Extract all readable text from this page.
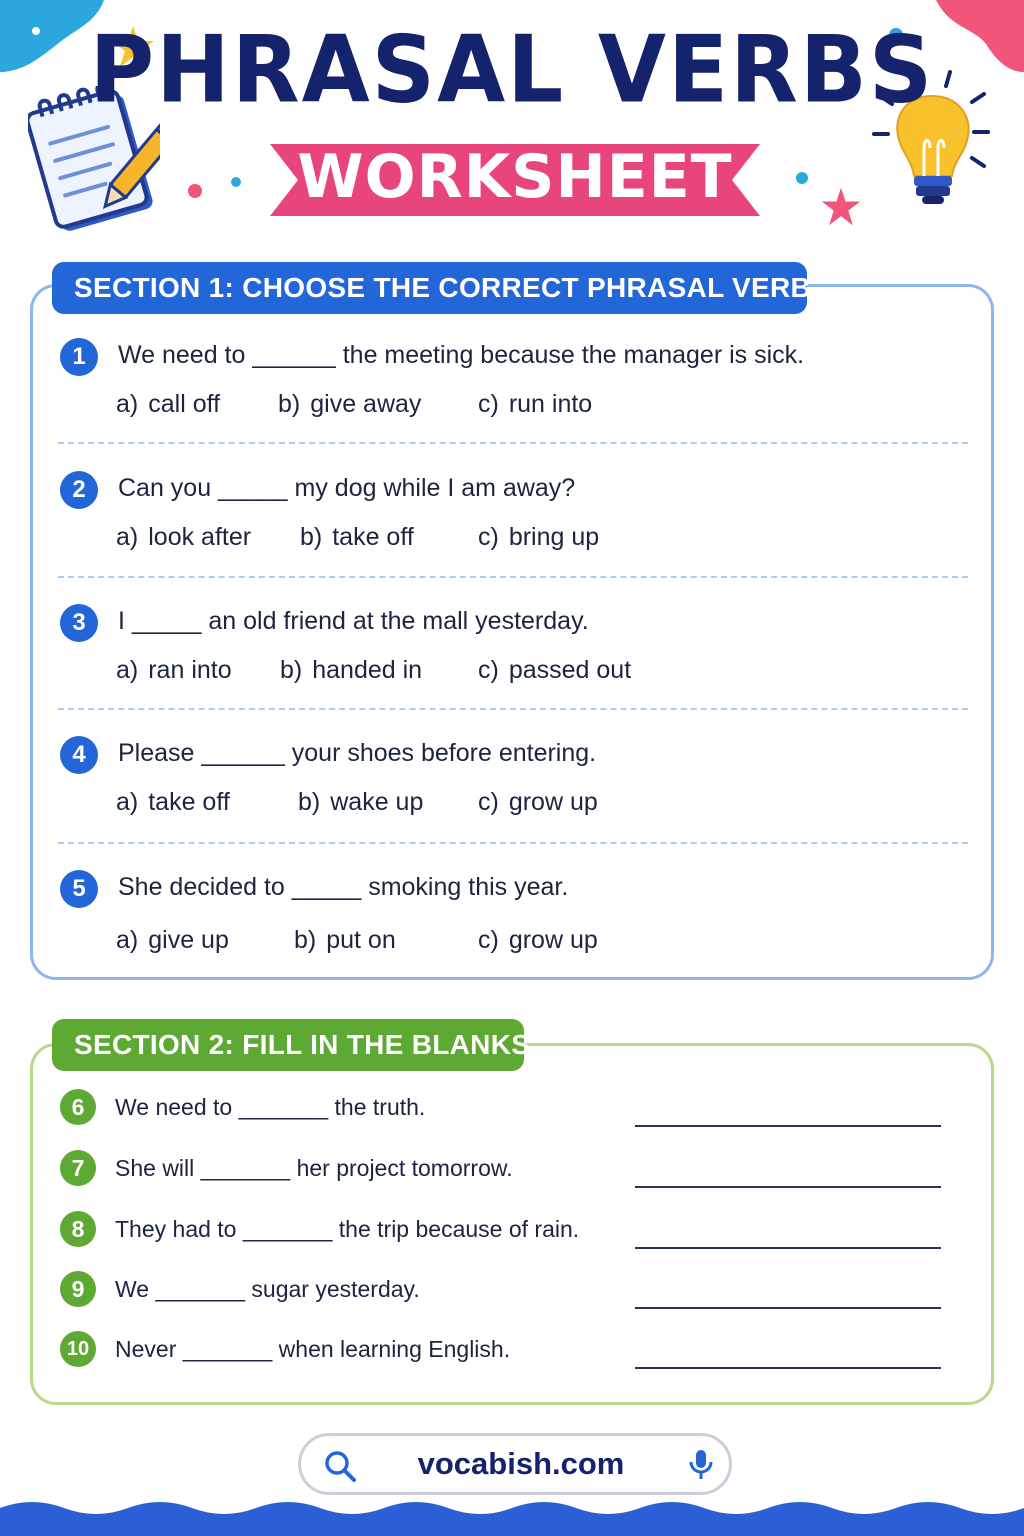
PHRASAL VERBS
WORKSHEET
SECTION 1: CHOOSE THE CORRECT PHRASAL VERB
1	We need to ______ the meeting because the manager is sick.
a) call off b) give away c) run into
2	Can you _____ my dog while I am away?
a) look after b) take off	c) bring up
3	I _____ an old friend at the mall yesterday.
a) ran into b) handed in c) passed out
4	Please ______ your shoes before entering.
a) take off	b) wake up c) grow up
5	She decided to _____ smoking this year.
a) give up	b) put on	c) grow up
SECTION 2: FILL IN THE BLANKS
6	We need to _______ the truth.
7	She will _______ her project tomorrow.
8	They had to _______ the trip because of rain.
9	We _______ sugar yesterday.
10 Never _______ when learning English.
vocabish.com
